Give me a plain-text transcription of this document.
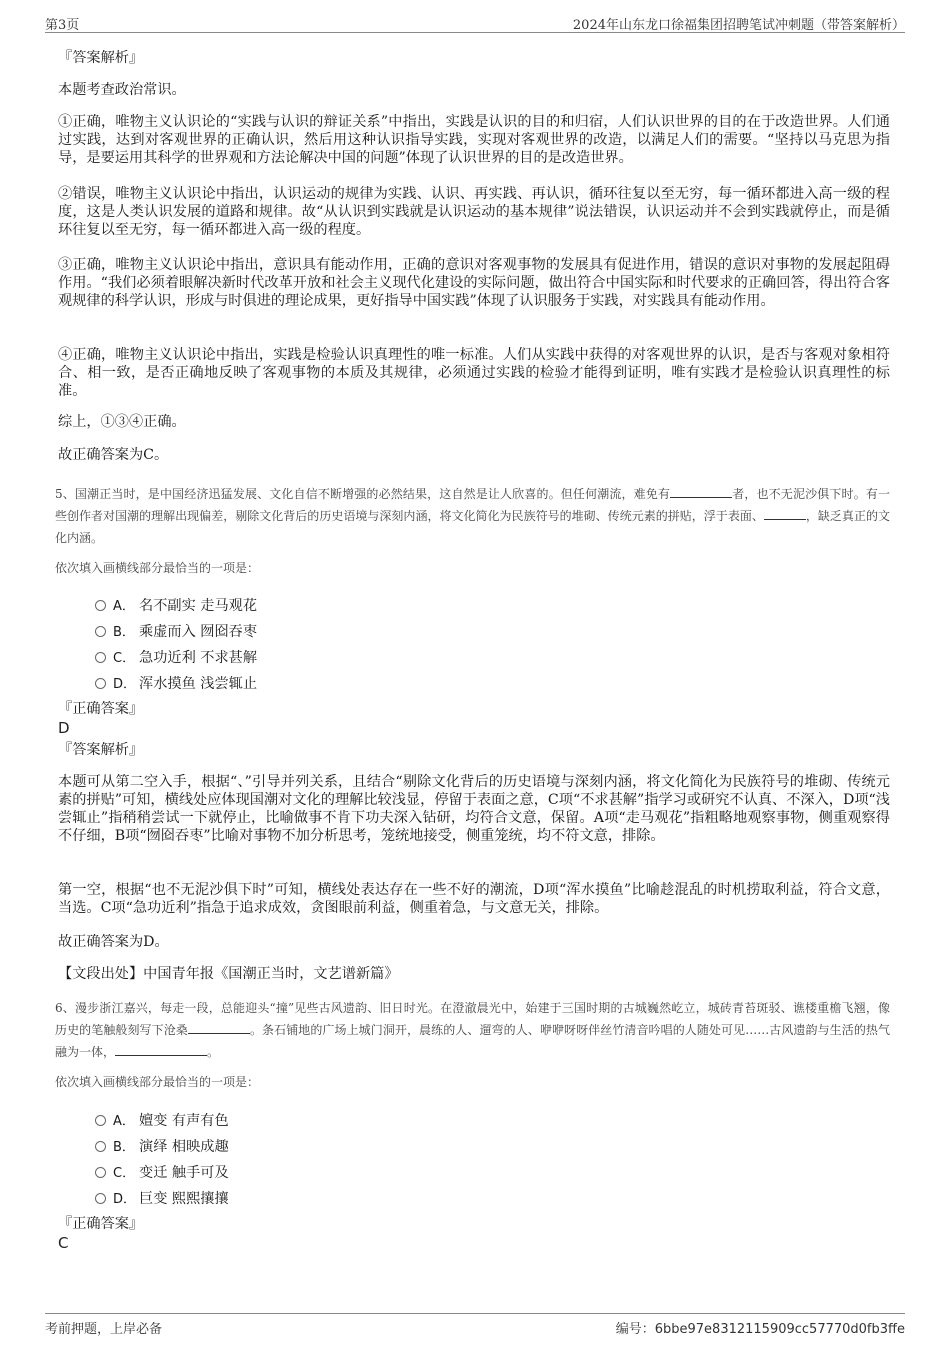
第3页	2024年山东龙口徐福集团招聘笔试冲刺题（带答案解析）
『答案解析』
本题考查政治常识。
①正确，唯物主义认识论的“实践与认识的辩证关系”中指出，实践是认识的目的和归宿，人们认识世界的目的在于改造世界。人们通过实践，达到对客观世界的正确认识，然后用这种认识指导实践，实现对客观世界的改造，以满足人们的需要。“坚持以马克思为指导，是要运用其科学的世界观和方法论解决中国的问题”体现了认识世界的目的是改造世界。
②错误，唯物主义认识论中指出，认识运动的规律为实践、认识、再实践、再认识，循环往复以至无穷，每一循环都进入高一级的程度，这是人类认识发展的道路和规律。故“从认识到实践就是认识运动的基本规律”说法错误，认识运动并不会到实践就停止，而是循环往复以至无穷，每一循环都进入高一级的程度。
③正确，唯物主义认识论中指出，意识具有能动作用，正确的意识对客观事物的发展具有促进作用，错误的意识对事物的发展起阻碍作用。“我们必须着眼解决新时代改革开放和社会主义现代化建设的实际问题，做出符合中国实际和时代要求的正确回答，得出符合客观规律的科学认识，形成与时俱进的理论成果，更好指导中国实践”体现了认识服务于实践，对实践具有能动作用。
④正确，唯物主义认识论中指出，实践是检验认识真理性的唯一标准。人们从实践中获得的对客观世界的认识，是否与客观对象相符合、相一致，是否正确地反映了客观事物的本质及其规律，必须通过实践的检验才能得到证明，唯有实践才是检验认识真理性的标准。
综上，①③④正确。
故正确答案为C。
5、国潮正当时，是中国经济迅猛发展、文化自信不断增强的必然结果，这自然是让人欣喜的。但任何潮流，难免有	者，也不无泥沙俱下时。有一些创作者对国潮的理解出现偏差，剔除文化背后的历史语境与深刻内涵，将文化简化为民族符号的堆砌、传统元素的拼贴，浮于表面、	，缺乏真正的文化内涵。
依次填入画横线部分最恰当的一项是：
A． 名不副实 走马观花
B． 乘虚而入 囫囵吞枣
C． 急功近利 不求甚解
D． 浑水摸鱼 浅尝辄止
『正确答案』
D
『答案解析』
本题可从第二空入手，根据“、”引导并列关系，且结合“剔除文化背后的历史语境与深刻内涵，将文化简化为民族符号的堆砌、传统元素的拼贴”可知，横线处应体现国潮对文化的理解比较浅显，停留于表面之意，C项“不求甚解”指学习或研究不认真、不深入，D项“浅尝辄止”指稍稍尝试一下就停止，比喻做事不肯下功夫深入钻研，均符合文意，保留。A项“走马观花”指粗略地观察事物，侧重观察得不仔细，B项“囫囵吞枣”比喻对事物不加分析思考，笼统地接受，侧重笼统，均不符文意，排除。
第一空，根据“也不无泥沙俱下时”可知，横线处表达存在一些不好的潮流，D项“浑水摸鱼”比喻趁混乱的时机捞取利益，符合文意，当选。C项“急功近利”指急于追求成效，贪图眼前利益，侧重着急，与文意无关，排除。
故正确答案为D。
【文段出处】中国青年报《国潮正当时，文艺谱新篇》
6、漫步浙江嘉兴，每走一段，总能迎头“撞”见些古风遗韵、旧日时光。在澄澈晨光中，始建于三国时期的古城巍然屹立，城砖青苔斑驳、谯楼重檐飞翘，像历史的笔触般刻写下沧桑	。条石铺地的广场上城门洞开，晨练的人、遛弯的人、咿咿呀呀伴丝竹清音吟唱的人随处可见……古风遗韵与生活的热气融为一体，	。
依次填入画横线部分最恰当的一项是：
A． 嬗变 有声有色
B． 演绎 相映成趣
C． 变迁 触手可及
D． 巨变 熙熙攘攘
『正确答案』
C
考前押题，上岸必备	编号：6bbe97e8312115909cc57770d0fb3ffe
